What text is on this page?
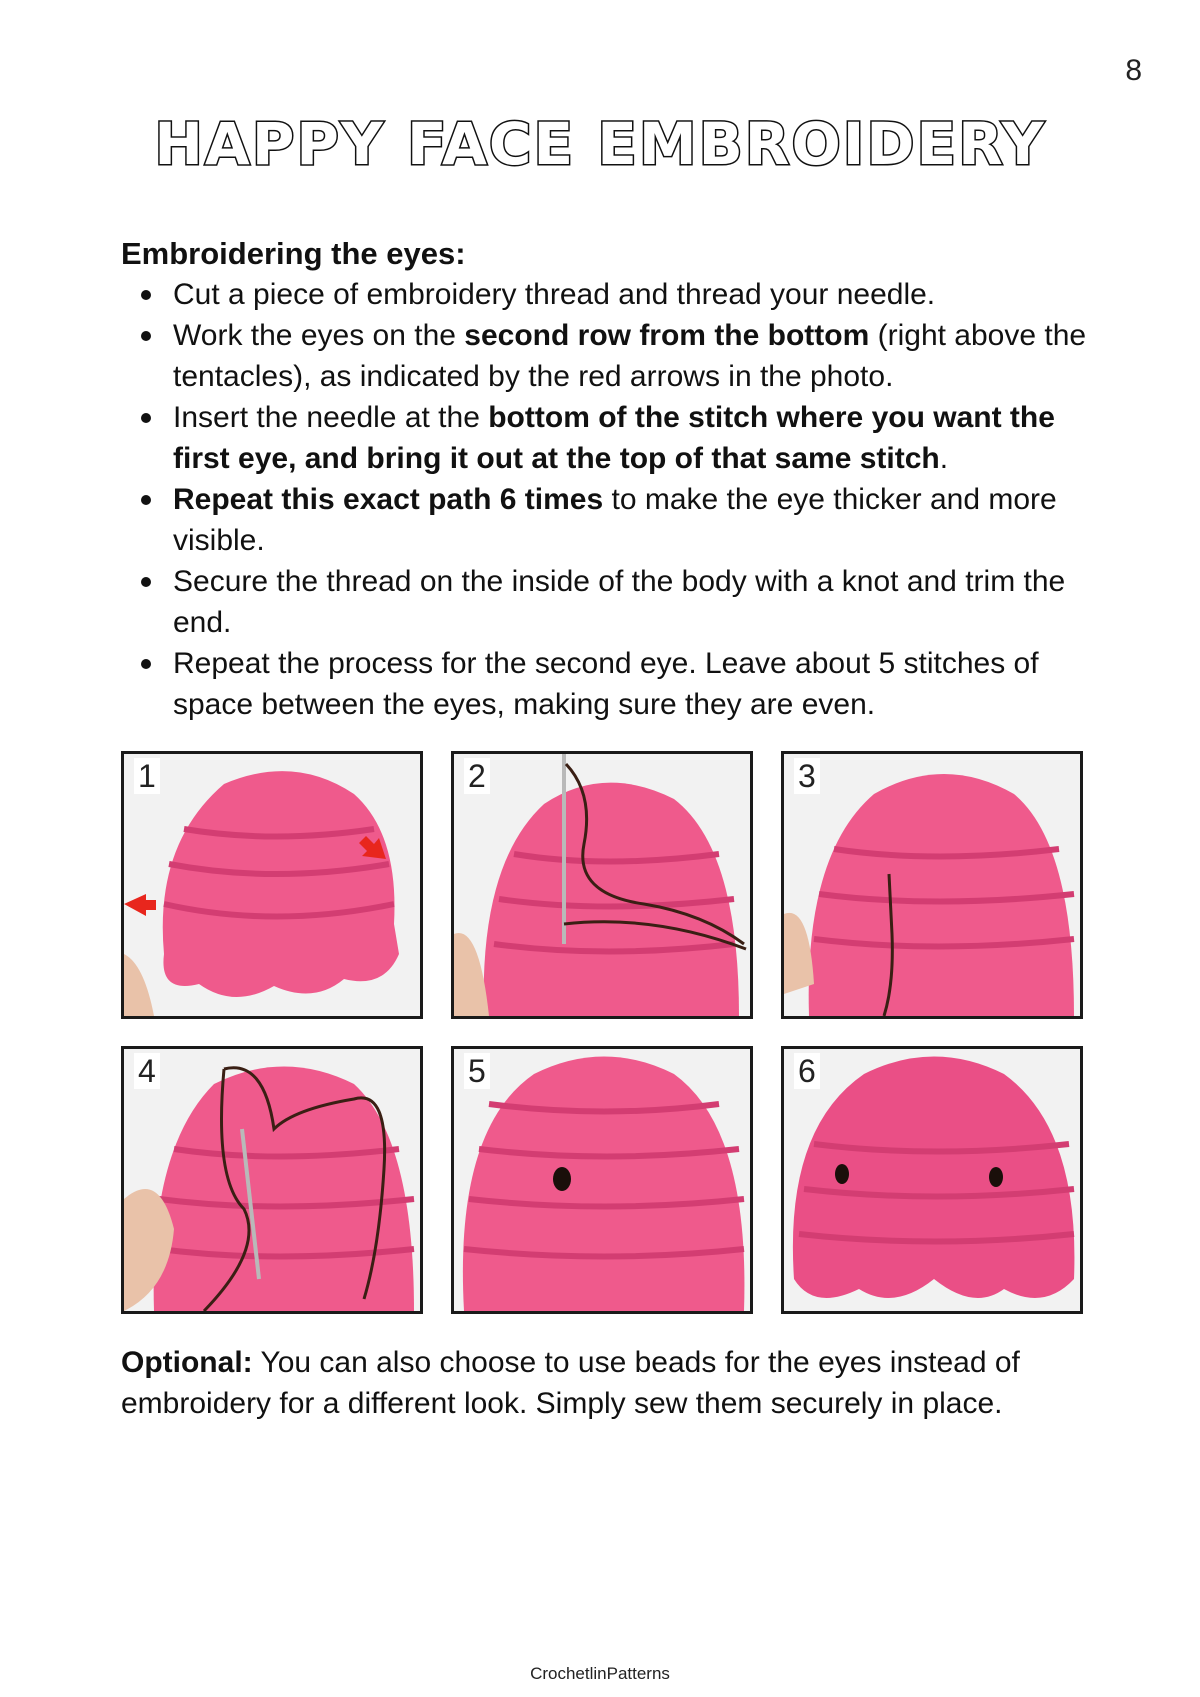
8
HAPPY FACE EMBROIDERY
Embroidering the eyes:
Cut a piece of embroidery thread and thread your needle.
Work the eyes on the second row from the bottom (right above the tentacles), as indicated by the red arrows in the photo.
Insert the needle at the bottom of the stitch where you want the first eye, and bring it out at the top of that same stitch.
Repeat this exact path 6 times to make the eye thicker and more visible.
Secure the thread on the inside of the body with a knot and trim the end.
Repeat the process for the second eye. Leave about 5 stitches of space between the eyes, making sure they are even.
1	2	3
4	5	6
Optional: You can also choose to use beads for the eyes instead of embroidery for a different look. Simply sew them securely in place.
CrochetlinPatterns
